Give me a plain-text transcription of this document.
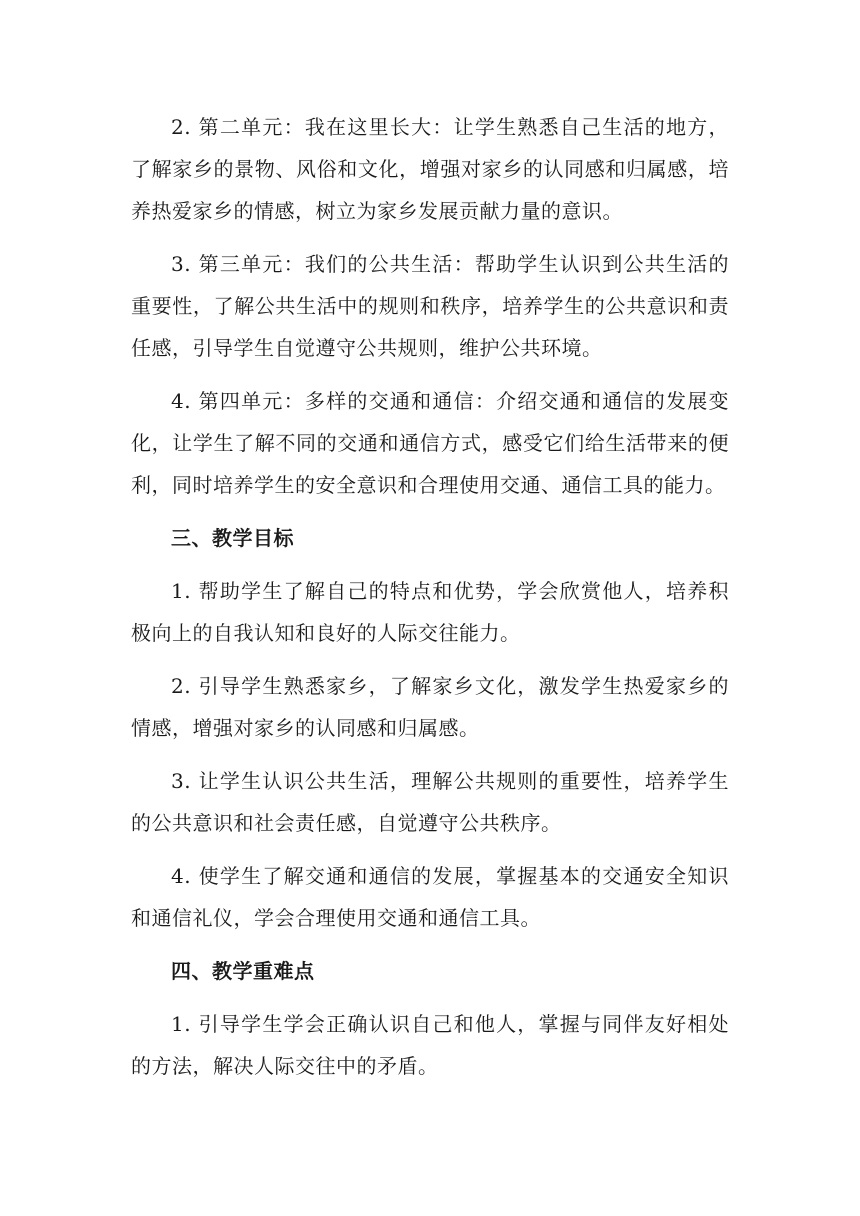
2. 第二单元：我在这里长大：让学生熟悉自己生活的地方，了解家乡的景物、风俗和文化，增强对家乡的认同感和归属感，培养热爱家乡的情感，树立为家乡发展贡献力量的意识。

3. 第三单元：我们的公共生活：帮助学生认识到公共生活的重要性，了解公共生活中的规则和秩序，培养学生的公共意识和责任感，引导学生自觉遵守公共规则，维护公共环境。

4. 第四单元：多样的交通和通信：介绍交通和通信的发展变化，让学生了解不同的交通和通信方式，感受它们给生活带来的便利，同时培养学生的安全意识和合理使用交通、通信工具的能力。

三、教学目标

1. 帮助学生了解自己的特点和优势，学会欣赏他人，培养积极向上的自我认知和良好的人际交往能力。

2. 引导学生熟悉家乡，了解家乡文化，激发学生热爱家乡的情感，增强对家乡的认同感和归属感。

3. 让学生认识公共生活，理解公共规则的重要性，培养学生的公共意识和社会责任感，自觉遵守公共秩序。

4. 使学生了解交通和通信的发展，掌握基本的交通安全知识和通信礼仪，学会合理使用交通和通信工具。

四、教学重难点

1. 引导学生学会正确认识自己和他人，掌握与同伴友好相处的方法，解决人际交往中的矛盾。
